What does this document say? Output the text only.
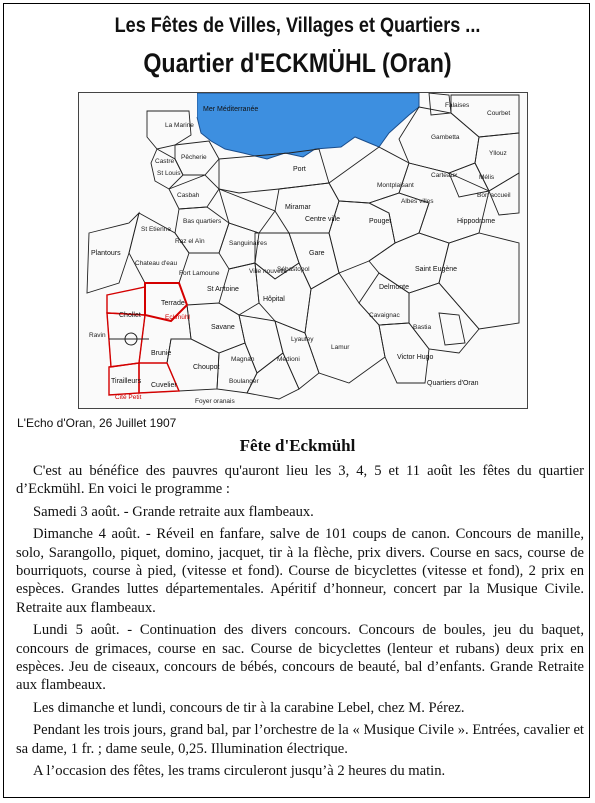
Les Fêtes de Villes, Villages et Quartiers ...
Quartier d'ECKMÜHL (Oran)
Mer Méditerranée
La Marine
Pêcherie
Castre
St Louis
Casbah
Port
Miramar
Centre ville
Bas quartiers
St Etienne
Raz el Aïn
Plantours
Chateau d'eau
Fort Lamoune
Sanguinaires
St Antoine
Ville nouvelle
Sébastopol
Gare
Montplaisant
Albes villes
Pouget	Hippodrome
Saint Eugène
Delmonte
Cavaignac
Bastia
Victor Hugo
Lamur
Lyautey
Médioni
Magnan
Boulanger
Choupot
Savane
Hôpital
Terrade
Chollet
Brunie
Tirailleurs
Cuvelier
Cité Petit
Foyer oranais
Ravin
Falaises
Gambetta
Courbet
Yllouz
Carteaux	Mélis
Bon accueil
Eckmühl
Quartiers d'Oran
L'Echo d'Oran, 26 Juillet 1907
Fête d'Eckmühl

C'est au bénéfice des pauvres qu'auront lieu les 3, 4, 5 et 11 août les fêtes du quartier d’Eckmühl. En voici le programme :

Samedi 3 août. - Grande retraite aux flambeaux.

Dimanche 4 août. - Réveil en fanfare, salve de 101 coups de canon. Concours de manille, solo, Sarangollo, piquet, domino, jacquet, tir à la flèche, prix divers. Course en sacs, course de bourriquots, course à pied, (vitesse et fond). Course de bicyclettes (vitesse et fond), 2 prix en espèces. Grandes luttes départementales. Apéritif d’honneur, concert par la Musique Civile. Retraite aux flambeaux.

Lundi 5 août. - Continuation des divers concours. Concours de boules, jeu du baquet, concours de grimaces, course en sac. Course de bicyclettes (lenteur et rubans) deux prix en espèces. Jeu de ciseaux, concours de bébés, concours de beauté, bal d’enfants. Grande Retraite aux flambeaux.

Les dimanche et lundi, concours de tir à la carabine Lebel, chez M. Pérez.

Pendant les trois jours, grand bal, par l’orchestre de la « Musique Civile ». Entrées, cavalier et sa dame, 1 fr. ; dame seule, 0,25. Illumination électrique.

A l’occasion des fêtes, les trams circuleront jusqu’à 2 heures du matin.
